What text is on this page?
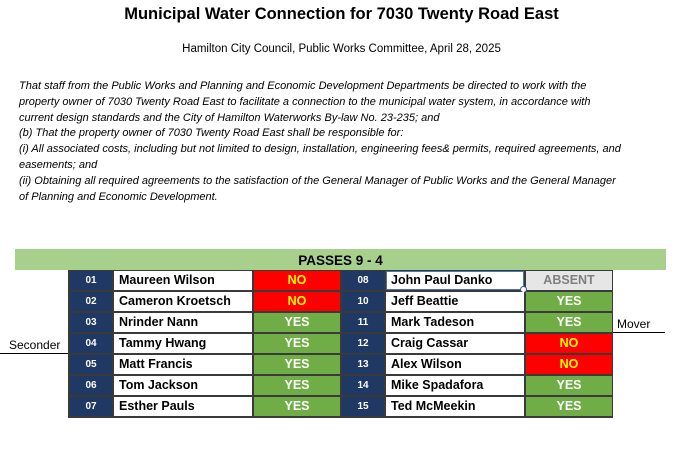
Municipal Water Connection for 7030 Twenty Road East
Hamilton City Council, Public Works Committee, April 28, 2025
That staff from the Public Works and Planning and Economic Development Departments be directed to work with the
property owner of 7030 Twenty Road East to facilitate a connection to the municipal water system, in accordance with
current design standards and the City of Hamilton Waterworks By-law No. 23-235; and
(b) That the property owner of 7030 Twenty Road East shall be responsible for:
(i) All associated costs, including but not limited to design, installation, engineering fees& permits, required agreements, and
easements; and
(ii) Obtaining all required agreements to the satisfaction of the General Manager of Public Works and the General Manager
of Planning and Economic Development.
PASSES 9 - 4
01	Maureen Wilson	NO
02	Cameron Kroetsch	NO
03	Nrinder Nann	YES
04	Tammy Hwang	YES
05	Matt Francis	YES
06	Tom Jackson	YES
07	Esther Pauls	YES
08	John Paul Danko	ABSENT
10	Jeff Beattie	YES
11	Mark Tadeson	YES
12	Craig Cassar	NO
13	Alex Wilson	NO
14	Mike Spadafora	YES
15	Ted McMeekin	YES
Seconder
Mover
